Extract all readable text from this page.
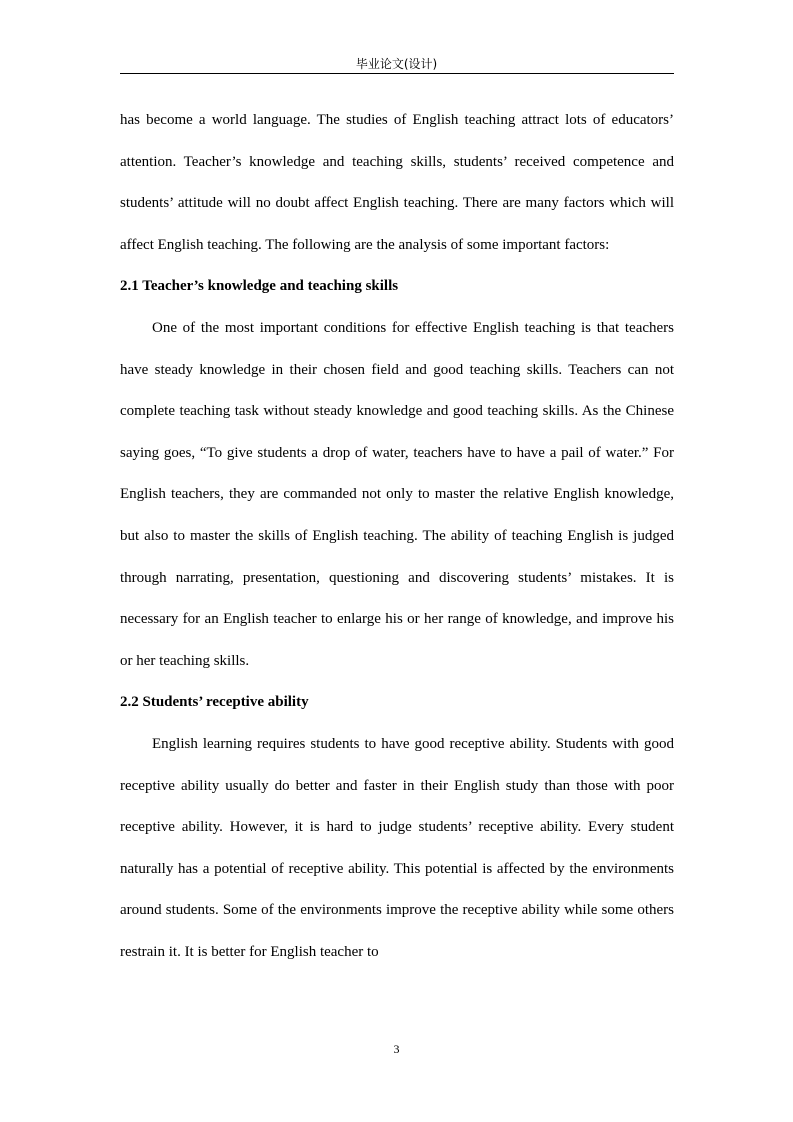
毕业论文(设计)

has become a world language. The studies of English teaching attract lots of educators’ attention. Teacher’s knowledge and teaching skills, students’ received competence and students’ attitude will no doubt affect English teaching. There are many factors which will affect English teaching. The following are the analysis of some important factors:

2.1 Teacher’s knowledge and teaching skills

One of the most important conditions for effective English teaching is that teachers have steady knowledge in their chosen field and good teaching skills. Teachers can not complete teaching task without steady knowledge and good teaching skills. As the Chinese saying goes, “To give students a drop of water, teachers have to have a pail of water.” For English teachers, they are commanded not only to master the relative English knowledge, but also to master the skills of English teaching. The ability of teaching English is judged through narrating, presentation, questioning and discovering students’ mistakes. It is necessary for an English teacher to enlarge his or her range of knowledge, and improve his or her teaching skills.

2.2 Students’ receptive ability

English learning requires students to have good receptive ability. Students with good receptive ability usually do better and faster in their English study than those with poor receptive ability. However, it is hard to judge students’ receptive ability. Every student naturally has a potential of receptive ability. This potential is affected by the environments around students. Some of the environments improve the receptive ability while some others restrain it. It is better for English teacher to

3
